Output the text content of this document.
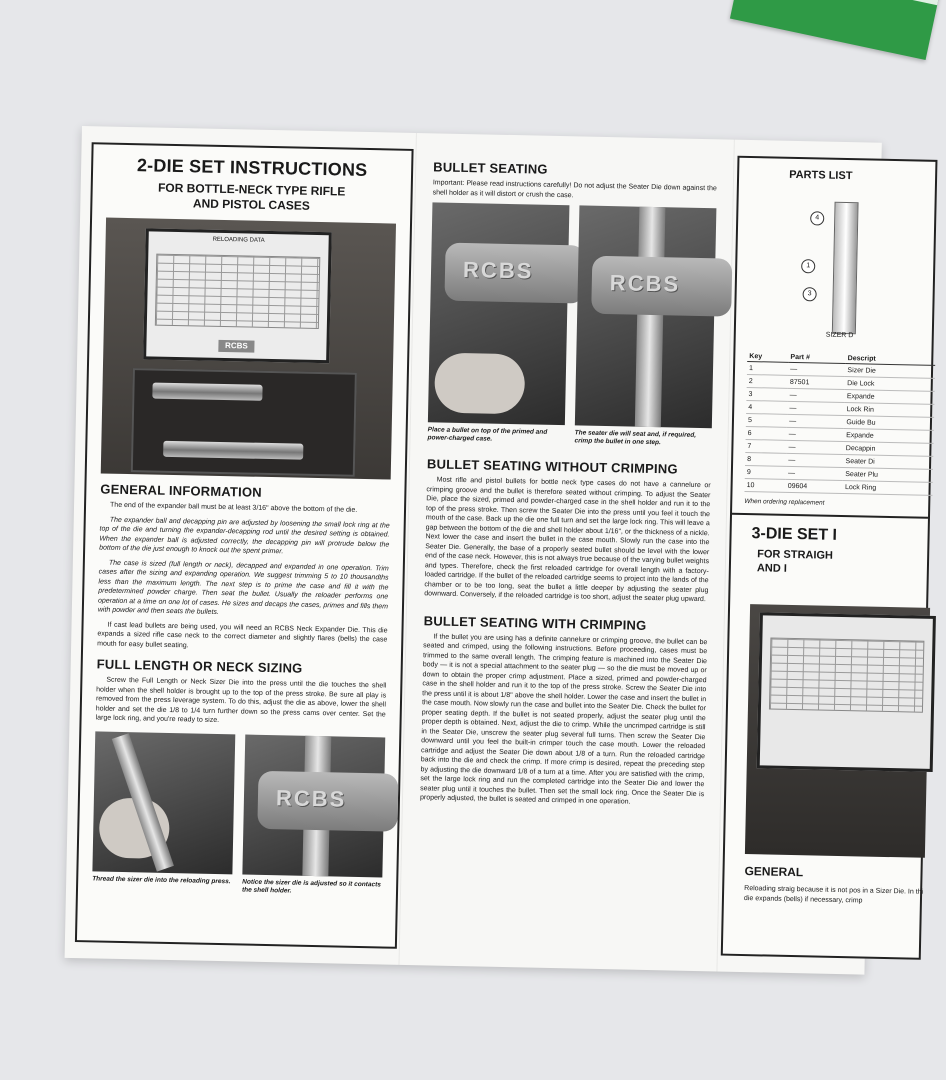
2-DIE SET INSTRUCTIONS
FOR BOTTLE-NECK TYPE RIFLE
AND PISTOL CASES
RELOADING DATA
RCBS
GENERAL INFORMATION

The end of the expander ball must be at least 3/16" above the bottom of the die.

The expander ball and decapping pin are adjusted by loosening the small lock ring at the top of the die and turning the expander-decapping rod until the desired setting is obtained. When the expander ball is adjusted correctly, the decapping pin will protrude below the bottom of the die just enough to knock out the spent primer.

The case is sized (full length or neck), decapped and expanded in one operation. Trim cases after the sizing and expanding operation. We suggest trimming 5 to 10 thousandths less than the maximum length. The next step is to prime the case and fill it with the predetermined powder charge. Then seat the bullet. Usually the reloader performs one operation at a time on one lot of cases. He sizes and decaps the cases, primes and fills them with powder and then seats the bullets.

If cast lead bullets are being used, you will need an RCBS Neck Expander Die. This die expands a sized rifle case neck to the correct diameter and slightly flares (bells) the case mouth for easy bullet seating.

FULL LENGTH OR NECK SIZING

Screw the Full Length or Neck Sizer Die into the press until the die touches the shell holder when the shell holder is brought up to the top of the press stroke. Be sure all play is removed from the press leverage system. To do this, adjust the die as above, lower the shell holder and set the die 1/8 to 1/4 turn further down so the press cams over center. Set the large lock ring, and you're ready to size.

Thread the sizer die into the reloading press.
RCBS
Notice the sizer die is adjusted so it contacts the shell holder.
BULLET SEATING

Important: Please read instructions carefully! Do not adjust the Seater Die down against the shell holder as it will distort or crush the case.

RCBS
Place a bullet on top of the primed and power-charged case.
RCBS
The seater die will seat and, if required, crimp the bullet in one step.
BULLET SEATING WITHOUT CRIMPING

Most rifle and pistol bullets for bottle neck type cases do not have a cannelure or crimping groove and the bullet is therefore seated without crimping. To adjust the Seater Die, place the sized, primed and powder-charged case in the shell holder and run it to the top of the press stroke. Then screw the Seater Die into the press until you feel it touch the mouth of the case. Back up the die one full turn and set the large lock ring. This will leave a gap between the bottom of the die and shell holder about 1/16", or the thickness of a nickle. Next lower the case and insert the bullet in the case mouth. Slowly run the case into the Seater Die. Generally, the base of a properly seated bullet should be level with the lower end of the case neck. However, this is not always true because of the varying bullet weights and types. Therefore, check the first reloaded cartridge for overall length with a factory-loaded cartridge. If the bullet of the reloaded cartridge seems to project into the lands of the chamber or to be too long, seat the bullet a little deeper by adjusting the seater plug downward. Conversely, if the reloaded cartridge is too short, adjust the seater plug upward.

BULLET SEATING WITH CRIMPING

If the bullet you are using has a definite cannelure or crimping groove, the bullet can be seated and crimped, using the following instructions. Before proceeding, cases must be trimmed to the same overall length. The crimping feature is machined into the Seater Die body — it is not a special attachment to the seater plug — so the die must be moved up or down to obtain the proper crimp adjustment. Place a sized, primed and powder-charged case in the shell holder and run it to the top of the press stroke. Screw the Seater Die into the press until it is about 1/8" above the shell holder. Lower the case and insert the bullet in the case mouth. Now slowly run the case and bullet into the Seater Die. Check the bullet for proper seating depth. If the bullet is not seated properly, adjust the seater plug until the proper depth is obtained. Next, adjust the die to crimp. While the uncrimped cartridge is still in the Seater Die, unscrew the seater plug several full turns. Then screw the Seater Die downward until you feel the built-in crimper touch the case mouth. Lower the reloaded cartridge and adjust the Seater Die down about 1/8 of a turn. Run the reloaded cartridge back into the die and check the crimp. If more crimp is desired, repeat the preceding step by adjusting the die downward 1/8 of a turn at a time. After you are satisfied with the crimp, set the large lock ring and run the completed cartridge into the Seater Die and lower the seater plug until it touches the bullet. Then set the small lock ring. Once the Seater Die is properly adjusted, the bullet is seated and crimped in one operation.

PARTS LIST
4
1
3
SIZER D
Key	Part #	Descript
1	—	Sizer Die
2	87501	Die Lock
3	—	Expande
4	—	Lock Rin
5	—	Guide Bu
6	—	Expande
7	—	Decappin
8	—	Seater Di
9	—	Seater Plu
10	09604	Lock Ring
When ordering replacement
3-DIE SET I
FOR STRAIGH
AND I
GENERAL
Reloading straig because it is not pos in a Sizer Die. In thi die expands (bells) if necessary, crimp
